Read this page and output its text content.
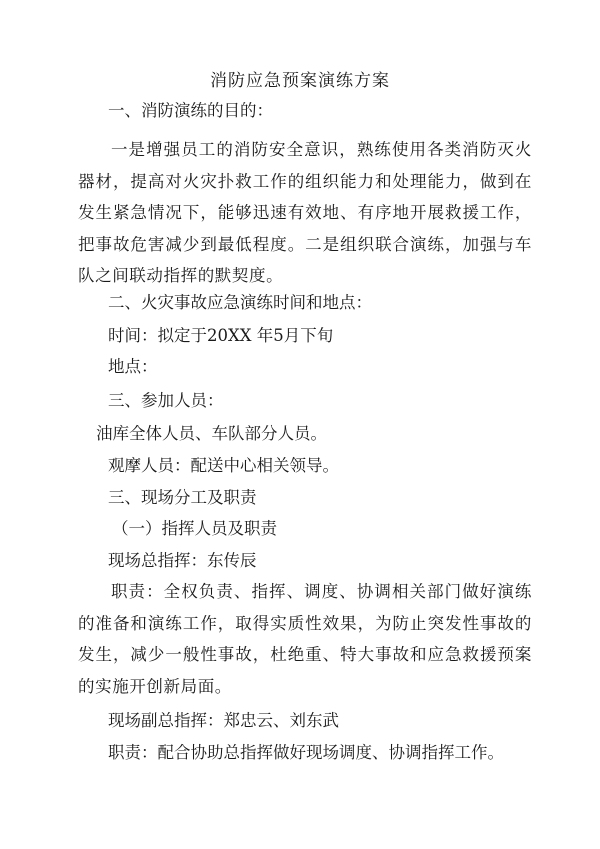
消防应急预案演练方案
一、消防演练的目的：
一是增强员工的消防安全意识，熟练使用各类消防灭火器材，提高对火灾扑救工作的组织能力和处理能力，做到在发生紧急情况下，能够迅速有效地、有序地开展救援工作，把事故危害减少到最低程度。二是组织联合演练，加强与车队之间联动指挥的默契度。
二、火灾事故应急演练时间和地点：
时间：拟定于20XX 年5月下旬
地点：
三、参加人员：
油库全体人员、车队部分人员。
观摩人员：配送中心相关领导。
三、现场分工及职责
（一）指挥人员及职责
现场总指挥：东传辰
职责：全权负责、指挥、调度、协调相关部门做好演练的准备和演练工作，取得实质性效果，为防止突发性事故的发生，减少一般性事故，杜绝重、特大事故和应急救援预案的实施开创新局面。
现场副总指挥：郑忠云、刘东武
职责：配合协助总指挥做好现场调度、协调指挥工作。
